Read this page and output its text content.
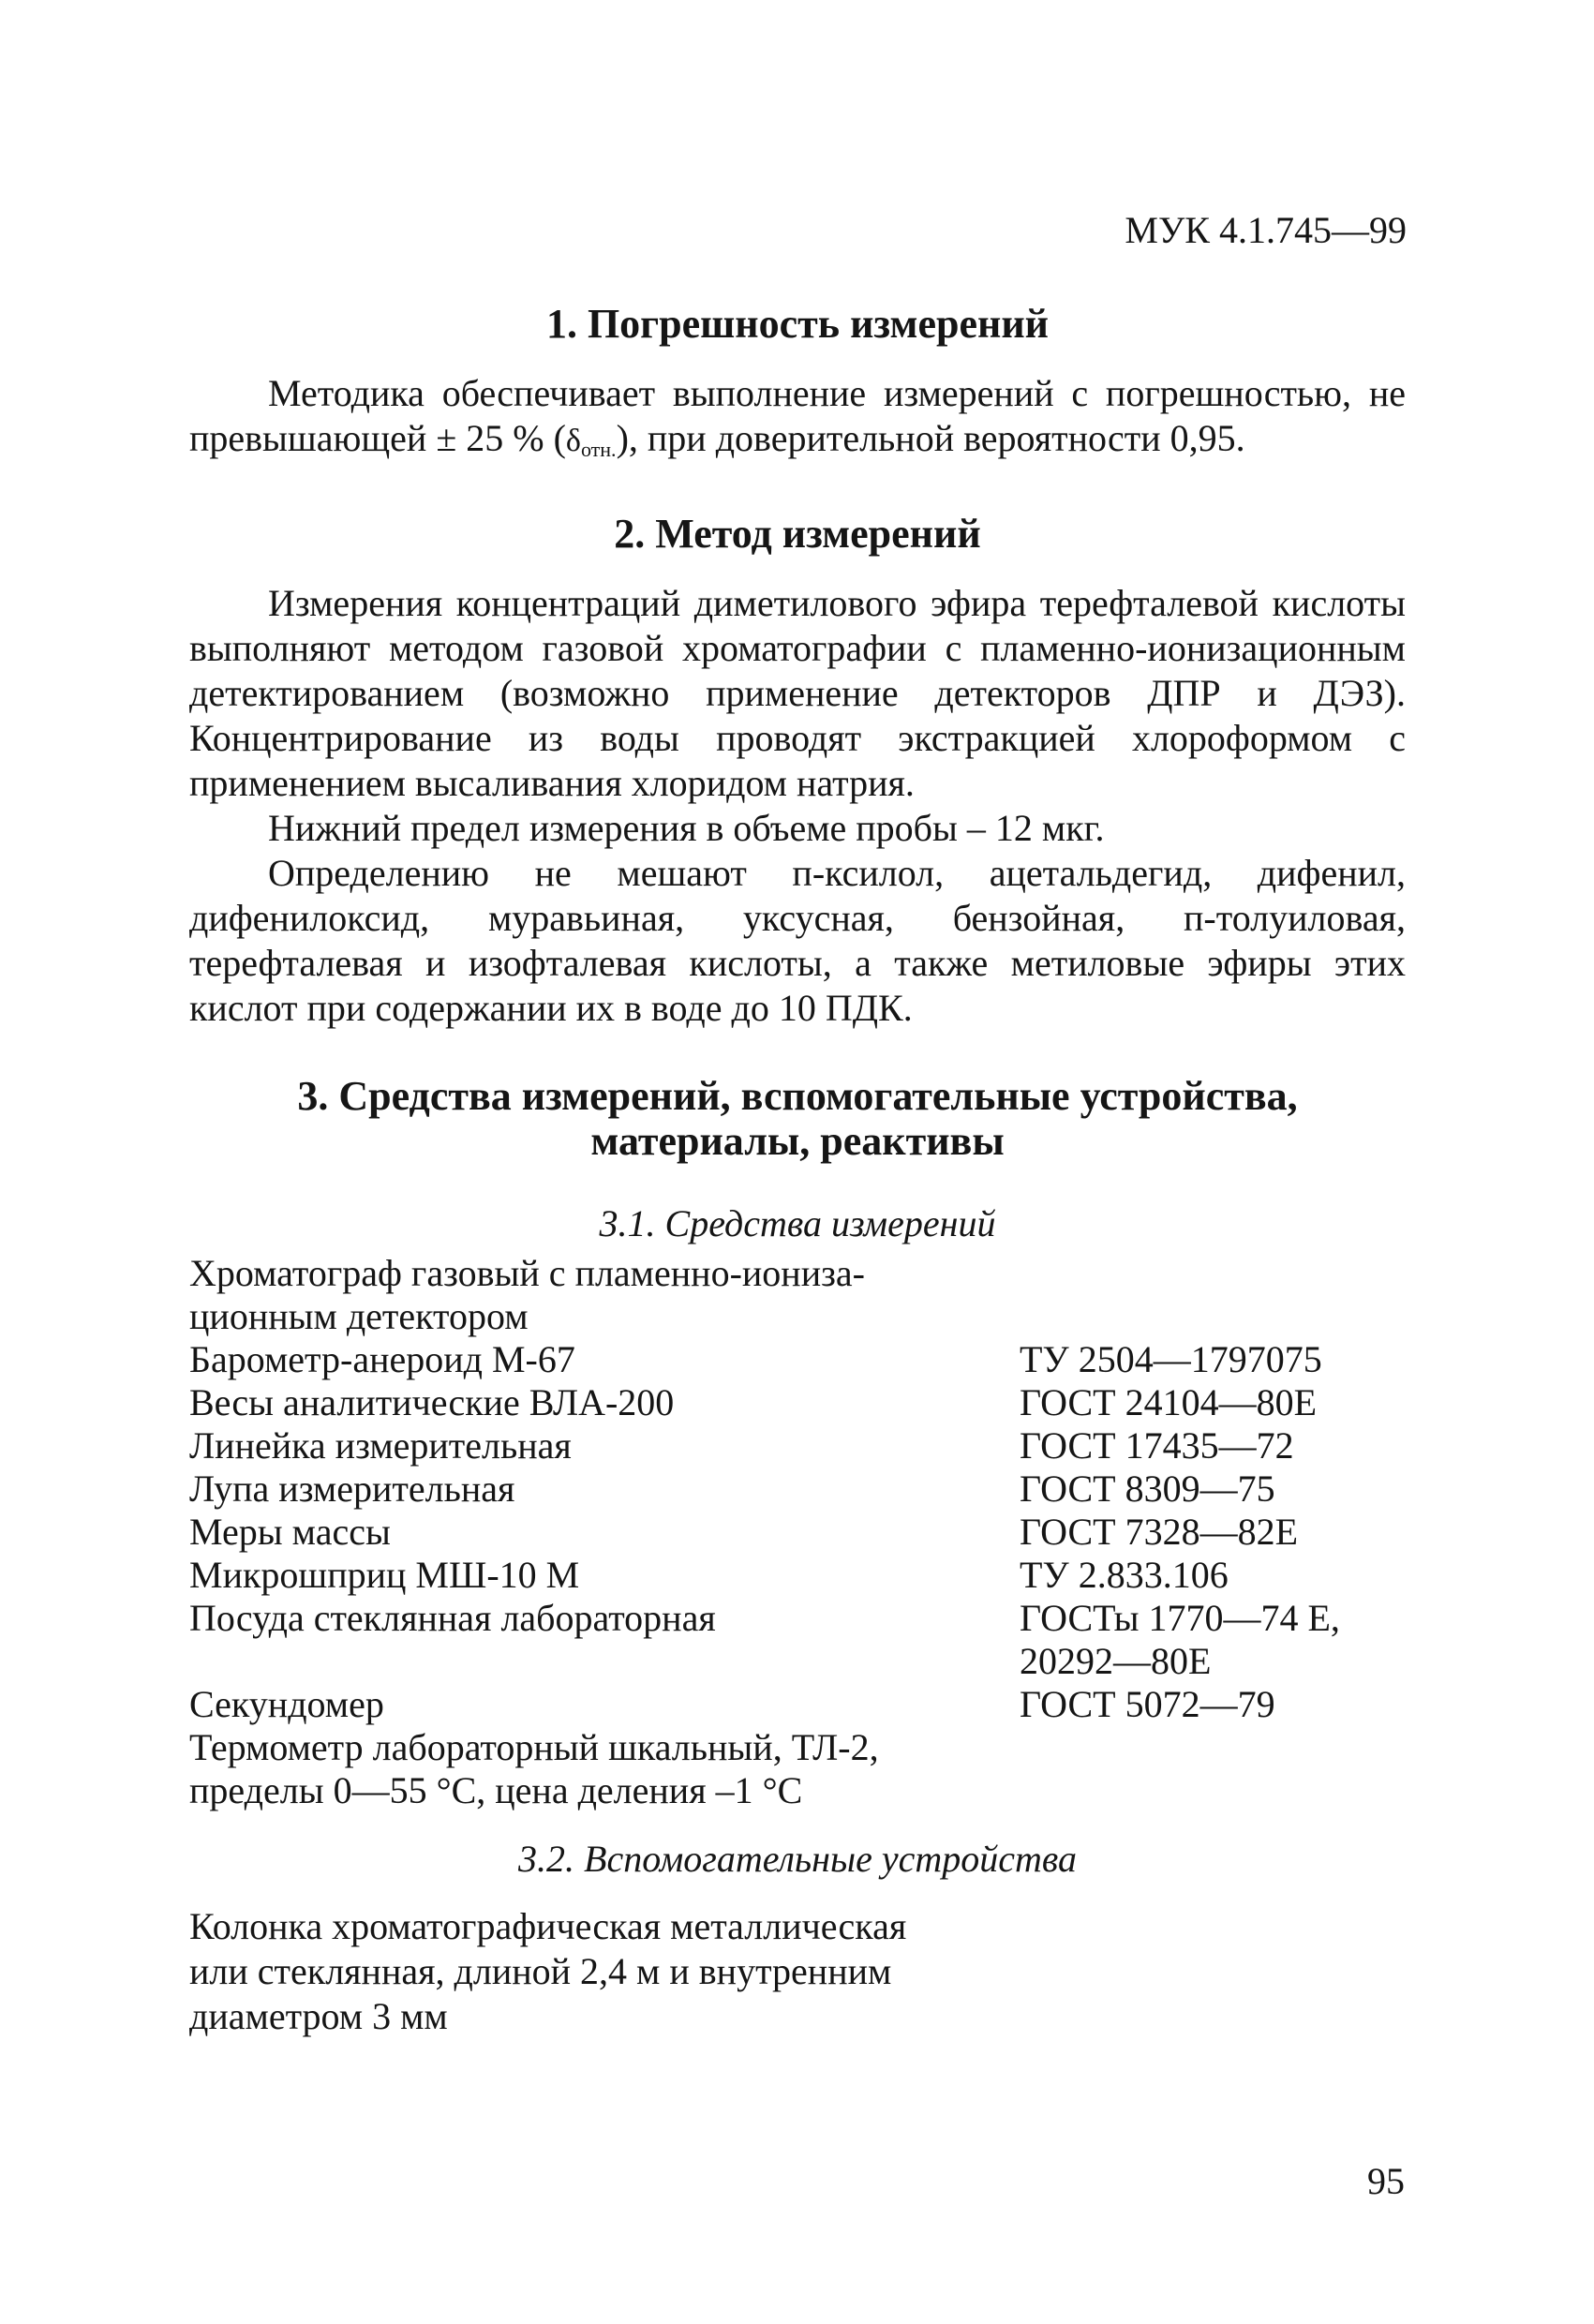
МУК 4.1.745—99
1. Погрешность измерений

Методика обеспечивает выполнение измерений с погрешностью, не превышающей ± 25 % (δотн.), при доверительной вероятности 0,95.

2. Метод измерений

Измерения концентраций диметилового эфира терефталевой кислоты выполняют методом газовой хроматографии с пламенно-ионизационным детектированием (возможно применение детекторов ДПР и ДЭЗ). Концентрирование из воды проводят экстракцией хлороформом с применением высаливания хлоридом натрия.

Нижний предел измерения в объеме пробы – 12 мкг.

Определению не мешают п-ксилол, ацетальдегид, дифенил, дифенилоксид, муравьиная, уксусная, бензойная, п-толуиловая, терефталевая и изофталевая кислоты, а также метиловые эфиры этих кислот при содержании их в воде до 10 ПДК.

3. Средства измерений, вспомогательные устройства,
материалы, реактивы

3.1. Средства измерений

Хроматограф газовый с пламенно-иониза-
ционным детектором	
Барометр-анероид М-67	ТУ 2504—1797075
Весы аналитические ВЛА-200	ГОСТ 24104—80Е
Линейка измерительная	ГОСТ 17435—72
Лупа измерительная	ГОСТ 8309—75
Меры массы	ГОСТ 7328—82Е
Микрошприц МШ-10 М	ТУ 2.833.106
Посуда стеклянная лабораторная	ГОСТы 1770—74 Е,
20292—80Е
Секундомер	ГОСТ 5072—79
Термометр лабораторный шкальный, ТЛ-2,
пределы 0—55 °С, цена деления –1 °С	

3.2. Вспомогательные устройства

Колонка хроматографическая металлическая
или стеклянная, длиной 2,4 м и внутренним
диаметром 3 мм
95
